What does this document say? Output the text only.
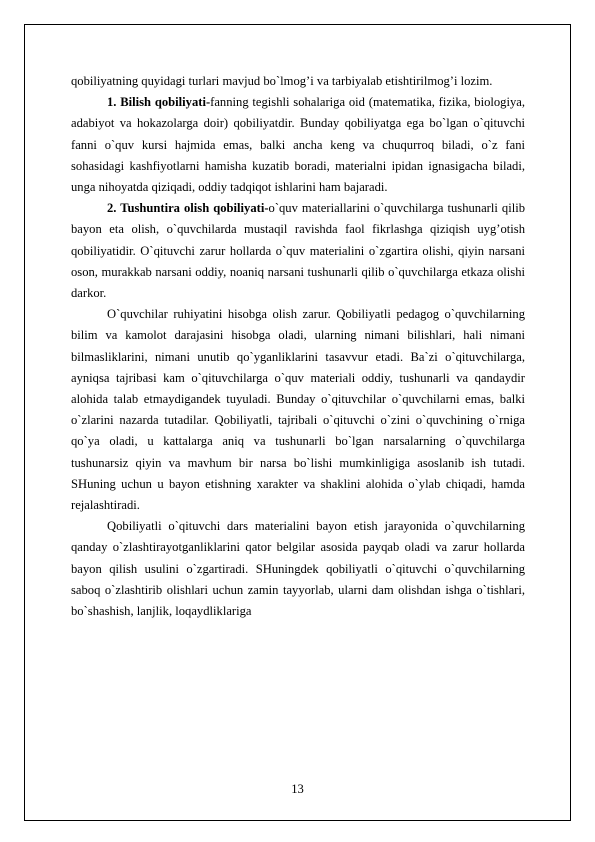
qobiliyatning quyidagi turlari mavjud bo`lmog’i va tarbiyalab etishtirilmog’i lozim.

1. Bilish qobiliyati-fanning tegishli sohalariga oid (matematika, fizika, biologiya, adabiyot va hokazolarga doir) qobiliyatdir. Bunday qobiliyatga ega bo`lgan o`qituvchi fanni o`quv kursi hajmida emas, balki ancha keng va chuqurroq biladi, o`z fani sohasidagi kashfiyotlarni hamisha kuzatib boradi, materialni ipidan ignasigacha biladi, unga nihoyatda qiziqadi, oddiy tadqiqot ishlarini ham bajaradi.

2. Tushuntira olish qobiliyati-o`quv materiallarini o`quvchilarga tushunarli qilib bayon eta olish, o`quvchilarda mustaqil ravishda faol fikrlashga qiziqish uyg’otish qobiliyatidir. O`qituvchi zarur hollarda o`quv materialini o`zgartira olishi, qiyin narsani oson, murakkab narsani oddiy, noaniq narsani tushunarli qilib o`quvchilarga etkaza olishi darkor.

O`quvchilar ruhiyatini hisobga olish zarur. Qobiliyatli pedagog o`quvchilarning bilim va kamolot darajasini hisobga oladi, ularning nimani bilishlari, hali nimani bilmasliklarini, nimani unutib qo`yganliklarini tasavvur etadi. Ba`zi o`qituvchilarga, ayniqsa tajribasi kam o`qituvchilarga o`quv materiali oddiy, tushunarli va qandaydir alohida talab etmaydigandek tuyuladi. Bunday o`qituvchilar o`quvchilarni emas, balki o`zlarini nazarda tutadilar. Qobiliyatli, tajribali o`qituvchi o`zini o`quvchining o`rniga qo`ya oladi, u kattalarga aniq va tushunarli bo`lgan narsalarning o`quvchilarga tushunarsiz qiyin va mavhum bir narsa bo`lishi mumkinligiga asoslanib ish tutadi. SHuning uchun u bayon etishning xarakter va shaklini alohida o`ylab chiqadi, hamda rejalashtiradi.

Qobiliyatli o`qituvchi dars materialini bayon etish jarayonida o`quvchilarning qanday o`zlashtirayotganliklarini qator belgilar asosida payqab oladi va zarur hollarda bayon qilish usulini o`zgartiradi. SHuningdek qobiliyatli o`qituvchi o`quvchilarning saboq o`zlashtirib olishlari uchun zamin tayyorlab, ularni dam olishdan ishga o`tishlari, bo`shashish, lanjlik, loqaydliklariga

13
